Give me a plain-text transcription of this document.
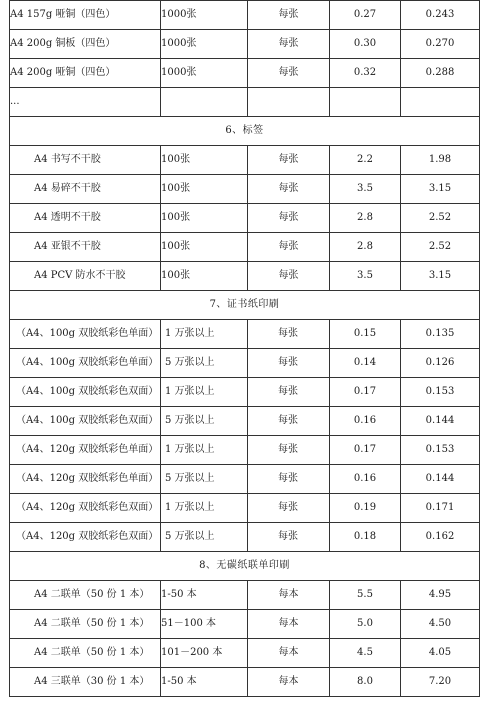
A4 157g 哑铜（四色）	1000张	每张	0.27	0.243
A4 200g 铜板（四色）	1000张	每张	0.30	0.270
A4 200g 哑铜（四色）	1000张	每张	0.32	0.288
...				
6、标签				
A4 书写不干胶	100张	每张	2.2	1.98
A4 易碎不干胶	100张	每张	3.5	3.15
A4 透明不干胶	100张	每张	2.8	2.52
A4 亚银不干胶	100张	每张	2.8	2.52
A4 PCV 防水不干胶	100张	每张	3.5	3.15
7、证书纸印刷				
（A4、100g 双胶纸彩色单面）	1 万张以上	每张	0.15	0.135
（A4、100g 双胶纸彩色单面）	5 万张以上	每张	0.14	0.126
（A4、100g 双胶纸彩色双面）	1 万张以上	每张	0.17	0.153
（A4、100g 双胶纸彩色双面）	5 万张以上	每张	0.16	0.144
（A4、120g 双胶纸彩色单面）	1 万张以上	每张	0.17	0.153
（A4、120g 双胶纸彩色单面）	5 万张以上	每张	0.16	0.144
（A4、120g 双胶纸彩色双面）	1 万张以上	每张	0.19	0.171
（A4、120g 双胶纸彩色双面）	5 万张以上	每张	0.18	0.162
8、无碳纸联单印刷				
A4 二联单（50 份 1 本）	1-50 本	每本	5.5	4.95
A4 二联单（50 份 1 本）	51－100 本	每本	5.0	4.50
A4 二联单（50 份 1 本）	101－200 本	每本	4.5	4.05
A4 三联单（30 份 1 本）	1-50 本	每本	8.0	7.20
